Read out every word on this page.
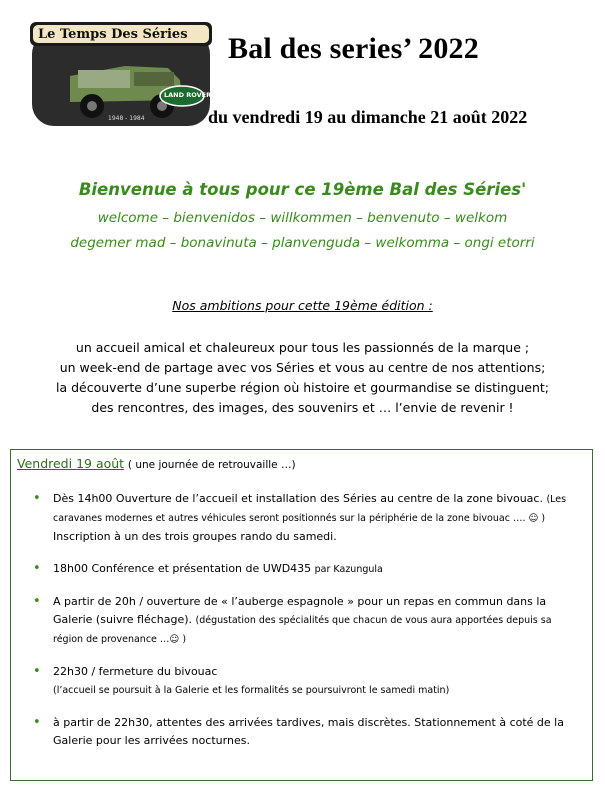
Le Temps Des Séries
LAND ROVER
1948 - 1984
Bal des series’ 2022
du vendredi 19 au dimanche 21 août 2022
Bienvenue à tous pour ce 19ème Bal des Séries'
welcome – bienvenidos – willkommen – benvenuto – welkom
degemer mad – bonavinuta – planvenguda – welkomma – ongi etorri
Nos ambitions pour cette 19ème édition :
un accueil amical et chaleureux pour tous les passionnés de la marque ;
un week-end de partage avec vos Séries et vous au centre de nos attentions;
la découverte d’une superbe région où histoire et gourmandise se distinguent;
des rencontres, des images, des souvenirs et … l’envie de revenir !
Vendredi 19 août ( une journée de retrouvaille …)
• Dès 14h00 Ouverture de l’accueil et installation des Séries au centre de la zone bivouac. (Les caravanes modernes et autres véhicules seront positionnés sur la périphérie de la zone bivouac …. ☺ ) Inscription à un des trois groupes rando du samedi.
• 18h00 Conférence et présentation de UWD435 par Kazungula
• A partir de 20h / ouverture de « l’auberge espagnole » pour un repas en commun dans la Galerie (suivre fléchage). (dégustation des spécialités que chacun de vous aura apportées depuis sa région de provenance …☺ )
• 22h30 / fermeture du bivouac
(l’accueil se poursuit à la Galerie et les formalités se poursuivront le samedi matin)
• à partir de 22h30, attentes des arrivées tardives, mais discrètes. Stationnement à coté de la Galerie pour les arrivées nocturnes.
